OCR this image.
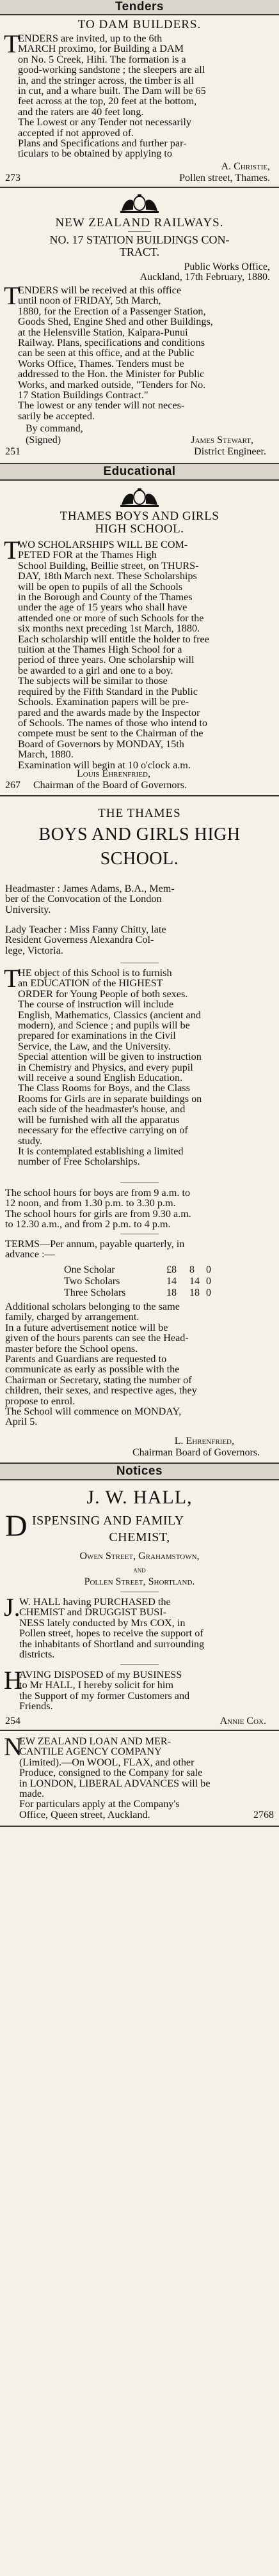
Tenders
TO DAM BUILDERS.
T
ENDERS are invited, up to the 6th
MARCH proximo, for Building a DAM
on No. 5 Creek, Hihi. The formation is a
good-working sandstone ; the sleepers are all
in, and the stringer across, the timber is all
in cut, and a whare built. The Dam will be 65
feet across at the top, 20 feet at the bottom,
and the raters are 40 feet long.
The Lowest or any Tender not necessarily
accepted if not approved of.
Plans and Specifications and further par-
ticulars to be obtained by applying to
A. Christie,
273	Pollen street, Thames.
NEW ZEALAND RAILWAYS.
NO. 17 STATION BUILDINGS CON-
TRACT.
Public Works Office,
Auckland, 17th February, 1880.
T
ENDERS will be received at this office
until noon of FRIDAY, 5th March,
1880, for the Erection of a Passenger Station,
Goods Shed, Engine Shed and other Buildings,
at the Helensville Station, Kaipara-Punui
Railway. Plans, specifications and conditions
can be seen at this office, and at the Public
Works Office, Thames. Tenders must be
addressed to the Hon. the Minister for Public
Works, and marked outside, "Tenders for No.
17 Station Buildings Contract."
The lowest or any tender will not neces-
sarily be accepted.
By command,
(Signed)	James Stewart,
251	District Engineer.
Educational
THAMES BOYS AND GIRLS
HIGH SCHOOL.
T
WO SCHOLARSHIPS WILL BE COM-
PETED FOR at the Thames High
School Building, Beillie street, on THURS-
DAY, 18th March next. These Scholarships
will be open to pupils of all the Schools
in the Borough and County of the Thames
under the age of 15 years who shall have
attended one or more of such Schools for the
six months next preceding 1st March, 1880.
Each scholarship will entitle the holder to free
tuition at the Thames High School for a
period of three years. One scholarship will
be awarded to a girl and one to a boy.
The subjects will be similar to those
required by the Fifth Standard in the Public
Schools. Examination papers will be pre-
pared and the awards made by the Inspector
of Schools. The names of those who intend to
compete must be sent to the Chairman of the
Board of Governors by MONDAY, 15th
March, 1880.
Examination will begin at 10 o'clock a.m.
Louis Ehrenfried,
267 Chairman of the Board of Governors.
THE THAMES
BOYS AND GIRLS HIGH
SCHOOL.
Headmaster : James Adams, B.A., Mem-
ber of the Convocation of the London
University.
Lady Teacher : Miss Fanny Chitty, late
Resident Governess Alexandra Col-
lege, Victoria.
T
HE object of this School is to furnish
an EDUCATION of the HIGHEST
ORDER for Young People of both sexes.
The course of instruction will include
English, Mathematics, Classics (ancient and
modern), and Science ; and pupils will be
prepared for examinations in the Civil
Service, the Law, and the University.
Special attention will be given to instruction
in Chemistry and Physics, and every pupil
will receive a sound English Education.
The Class Rooms for Boys, and the Class
Rooms for Girls are in separate buildings on
each side of the headmaster's house, and
will be furnished with all the apparatus
necessary for the effective carrying on of
study.
It is contemplated establishing a limited
number of Free Scholarships.
The school hours for boys are from 9 a.m. to
12 noon, and from 1.30 p.m. to 3.30 p.m.
The school hours for girls are from 9.30 a.m.
to 12.30 a.m., and from 2 p.m. to 4 p.m.
TERMS—Per annum, payable quarterly, in
advance :—
One Scholar	£8 8 0
Two Scholars	14 14 0
Three Scholars	18 18 0
Additional scholars belonging to the same
family, charged by arrangement.
In a future advertisement notice will be
given of the hours parents can see the Head-
master before the School opens.
Parents and Guardians are requested to
communicate as early as possible with the
Chairman or Secretary, stating the number of
children, their sexes, and respective ages, they
propose to enrol.
The School will commence on MONDAY,
April 5.
L. Ehrenfried,
Chairman Board of Governors.
Notices
J. W. HALL,
D ISPENSING AND FAMILY
CHEMIST,
Owen Street, Grahamstown,
and
Pollen Street, Shortland.
J.
W. HALL having PURCHASED the
CHEMIST and DRUGGIST BUSI-
NESS lately conducted by Mrs COX, in
Pollen street, hopes to receive the support of
the inhabitants of Shortland and surrounding
districts.
H
AVING DISPOSED of my BUSINESS
to Mr HALL, I hereby solicit for him
the Support of my former Customers and
Friends.
254	Annie Cox.
N
EW ZEALAND LOAN AND MER-
CANTILE AGENCY COMPANY
(Limited).—On WOOL, FLAX, and other
Produce, consigned to the Company for sale
in LONDON, LIBERAL ADVANCES will be
made.
For particulars apply at the Company's
Office, Queen street, Auckland.	2768
